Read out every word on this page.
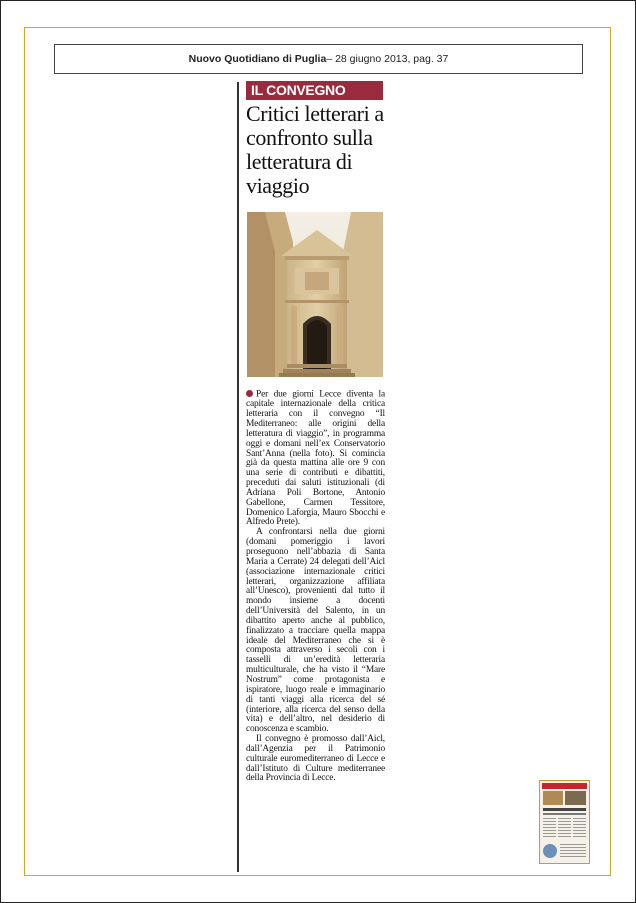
Nuovo Quotidiano di Puglia – 28 giugno 2013, pag. 37
IL CONVEGNO
Critici letterari a confronto sulla letteratura di viaggio

Per due giorni Lecce diventa la capitale internazionale della critica letteraria con il convegno “Il Mediterraneo: alle origini della letteratura di viaggio”, in programma oggi e domani nell’ex Conservatorio Sant’Anna (nella foto). Si comincia già da questa mattina alle ore 9 con una serie di contributi e dibattiti, preceduti dai saluti istituzionali (di Adriana Poli Bortone, Antonio Gabellone, Carmen Tessitore, Domenico Laforgia, Mauro Sbocchi e Alfredo Prete).

A confrontarsi nella due giorni (domani pomeriggio i lavori proseguono nell’abbazia di Santa Maria a Cerrate) 24 delegati dell’Aicl (associazione internazionale critici letterari, organizzazione affiliata all’Unesco), provenienti dal tutto il mondo insieme a docenti dell’Università del Salento, in un dibattito aperto anche al pubblico, finalizzato a tracciare quella mappa ideale del Mediterraneo che si è composta attraverso i secoli con i tasselli di un’eredità letteraria multiculturale, che ha visto il “Mare Nostrum” come protagonista e ispiratore, luogo reale e immaginario di tanti viaggi alla ricerca del sé (interiore, alla ricerca del senso della vita) e dell’altro, nel desiderio di conoscenza e scambio.

Il convegno è promosso dall’Aicl, dall’Agenzia per il Patrimonio culturale euromediterraneo di Lecce e dall’Istituto di Culture mediterranee della Provincia di Lecce.
